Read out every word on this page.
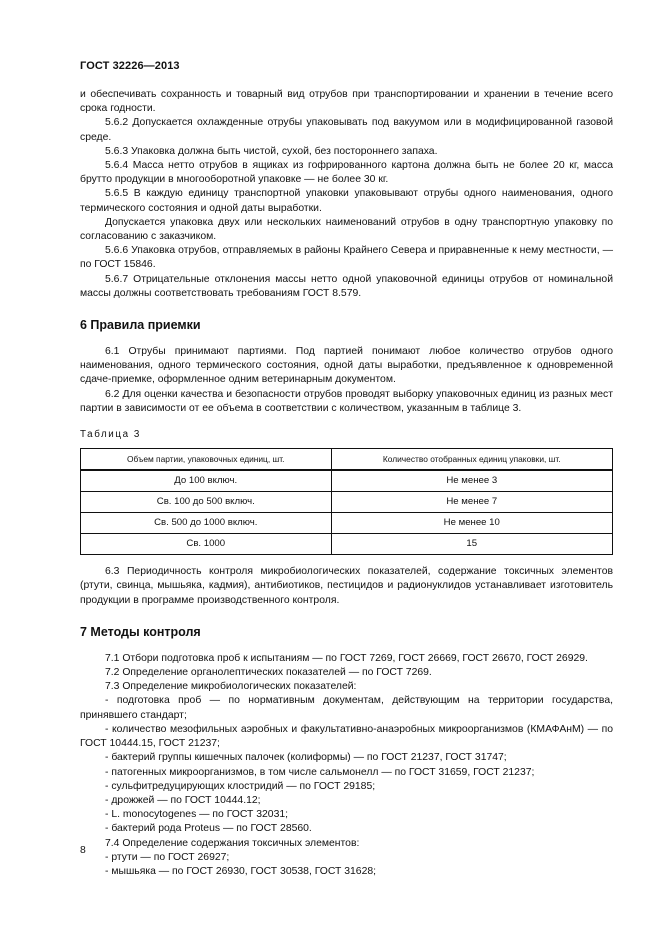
ГОСТ 32226—2013

и обеспечивать сохранность и товарный вид отрубов при транспортировании и хранении в течение всего срока годности.

5.6.2 Допускается охлажденные отрубы упаковывать под вакуумом или в модифицированной газовой среде.

5.6.3 Упаковка должна быть чистой, сухой, без постороннего запаха.

5.6.4 Масса нетто отрубов в ящиках из гофрированного картона должна быть не более 20 кг, масса брутто продукции в многооборотной упаковке — не более 30 кг.

5.6.5 В каждую единицу транспортной упаковки упаковывают отрубы одного наименования, одного термического состояния и одной даты выработки.

Допускается упаковка двух или нескольких наименований отрубов в одну транспортную упаковку по согласованию с заказчиком.

5.6.6 Упаковка отрубов, отправляемых в районы Крайнего Севера и приравненные к нему местности, — по ГОСТ 15846.

5.6.7 Отрицательные отклонения массы нетто одной упаковочной единицы отрубов от номинальной массы должны соответствовать требованиям ГОСТ 8.579.

6 Правила приемки

6.1 Отрубы принимают партиями. Под партией понимают любое количество отрубов одного наименования, одного термического состояния, одной даты выработки, предъявленное к одновременной сдаче-приемке, оформленное одним ветеринарным документом.

6.2 Для оценки качества и безопасности отрубов проводят выборку упаковочных единиц из разных мест партии в зависимости от ее объема в соответствии с количеством, указанным в таблице 3.

Таблица 3
Объем партии, упаковочных единиц, шт.	Количество отобранных единиц упаковки, шт.
До 100 включ.	Не менее 3
Св. 100 до 500 включ.	Не менее 7
Св. 500 до 1000 включ.	Не менее 10
Св. 1000	15

6.3 Периодичность контроля микробиологических показателей, содержание токсичных элементов (ртути, свинца, мышьяка, кадмия), антибиотиков, пестицидов и радионуклидов устанавливает изготовитель продукции в программе производственного контроля.

7 Методы контроля

7.1 Отбори подготовка проб к испытаниям — по ГОСТ 7269, ГОСТ 26669, ГОСТ 26670, ГОСТ 26929.

7.2 Определение органолептических показателей — по ГОСТ 7269.

7.3 Определение микробиологических показателей:

- подготовка проб — по нормативным документам, действующим на территории государства, принявшего стандарт;

- количество мезофильных аэробных и факультативно-анаэробных микроорганизмов (КМАФАнМ) — по ГОСТ 10444.15, ГОСТ 21237;

- бактерий группы кишечных палочек (колиформы) — по ГОСТ 21237, ГОСТ 31747;

- патогенных микроорганизмов, в том числе сальмонелл — по ГОСТ 31659, ГОСТ 21237;

- сульфитредуцирующих клостридий — по ГОСТ 29185;

- дрожжей — по ГОСТ 10444.12;

- L. monocytogenes — по ГОСТ 32031;

- бактерий рода Proteus — по ГОСТ 28560.

7.4 Определение содержания токсичных элементов:

- ртути — по ГОСТ 26927;

- мышьяка — по ГОСТ 26930, ГОСТ 30538, ГОСТ 31628;

8
